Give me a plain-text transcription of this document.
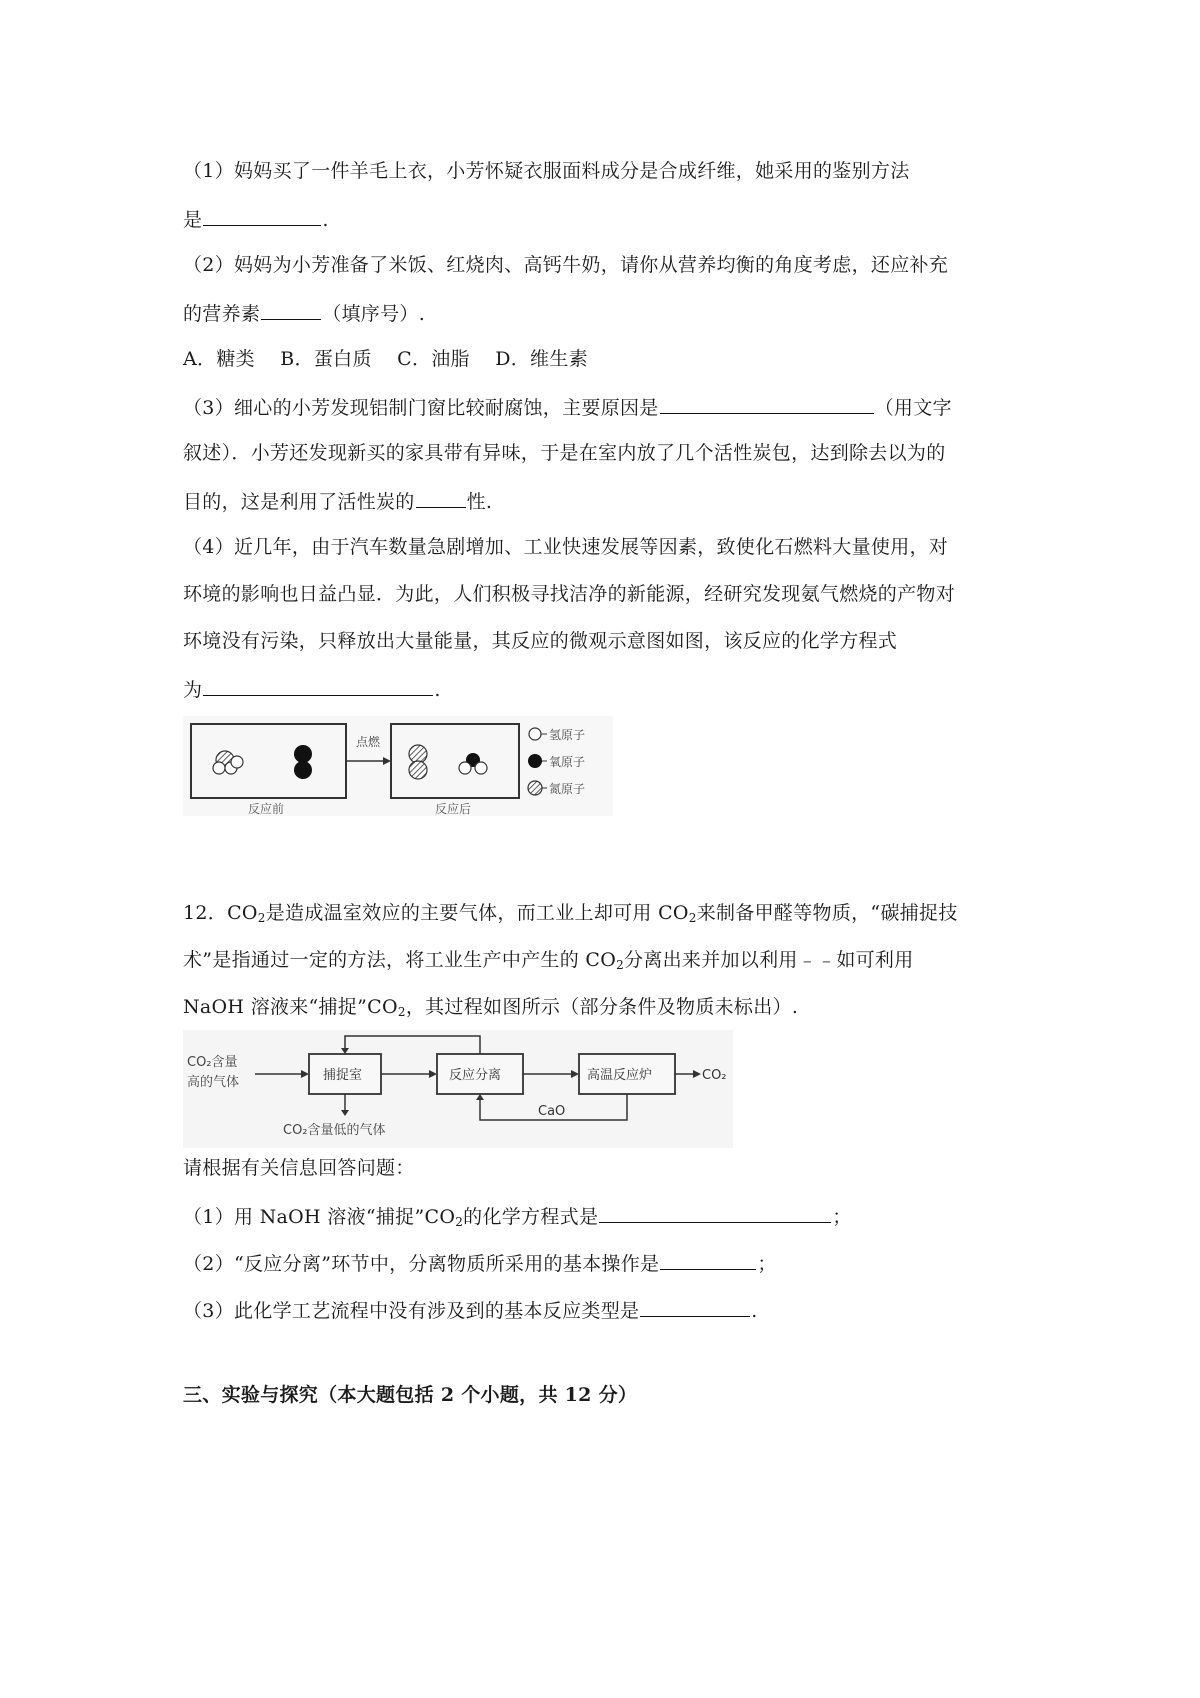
（1）妈妈买了一件羊毛上衣，小芳怀疑衣服面料成分是合成纤维，她采用的鉴别方法
是	.
（2）妈妈为小芳准备了米饭、红烧肉、高钙牛奶，请你从营养均衡的角度考虑，还应补充
的营养素	（填序号）.
A．糖类    B．蛋白质    C．油脂    D．维生素
（3）细心的小芳发现铝制门窗比较耐腐蚀，主要原因是	（用文字
叙述）．小芳还发现新买的家具带有异味，于是在室内放了几个活性炭包，达到除去以为的
目的，这是利用了活性炭的	性.
（4）近几年，由于汽车数量急剧增加、工业快速发展等因素，致使化石燃料大量使用，对
环境的影响也日益凸显．为此，人们积极寻找洁净的新能源，经研究发现氨气燃烧的产物对
环境没有污染，只释放出大量能量，其反应的微观示意图如图，该反应的化学方程式
为	.
点燃	氢原子
氧原子
氮原子
反应前	反应后
12．$CO_2$是造成温室效应的主要气体，而工业上却可用 $CO_2$来制备甲醛等物质，“碳捕捉技
术”是指通过一定的方法，将工业生产中产生的 $CO_2$分离出来并加以利用﹣﹣如可利用
NaOH 溶液来“捕捉$”CO_2$，其过程如图所示（部分条件及物质未标出）.
CO₂含量
高的气体	捕捉室	反应分离	高温反应炉	CO₂
CO₂含量低的气体
CaO
请根据有关信息回答问题：
（1）用 NaOH 溶液“捕捉$”CO_2$的化学方程式是	；
（2）“反应分离”环节中，分离物质所采用的基本操作是	；
（3）此化学工艺流程中没有涉及到的基本反应类型是	.
三、实验与探究（本大题包括 2 个小题，共 12 分）
